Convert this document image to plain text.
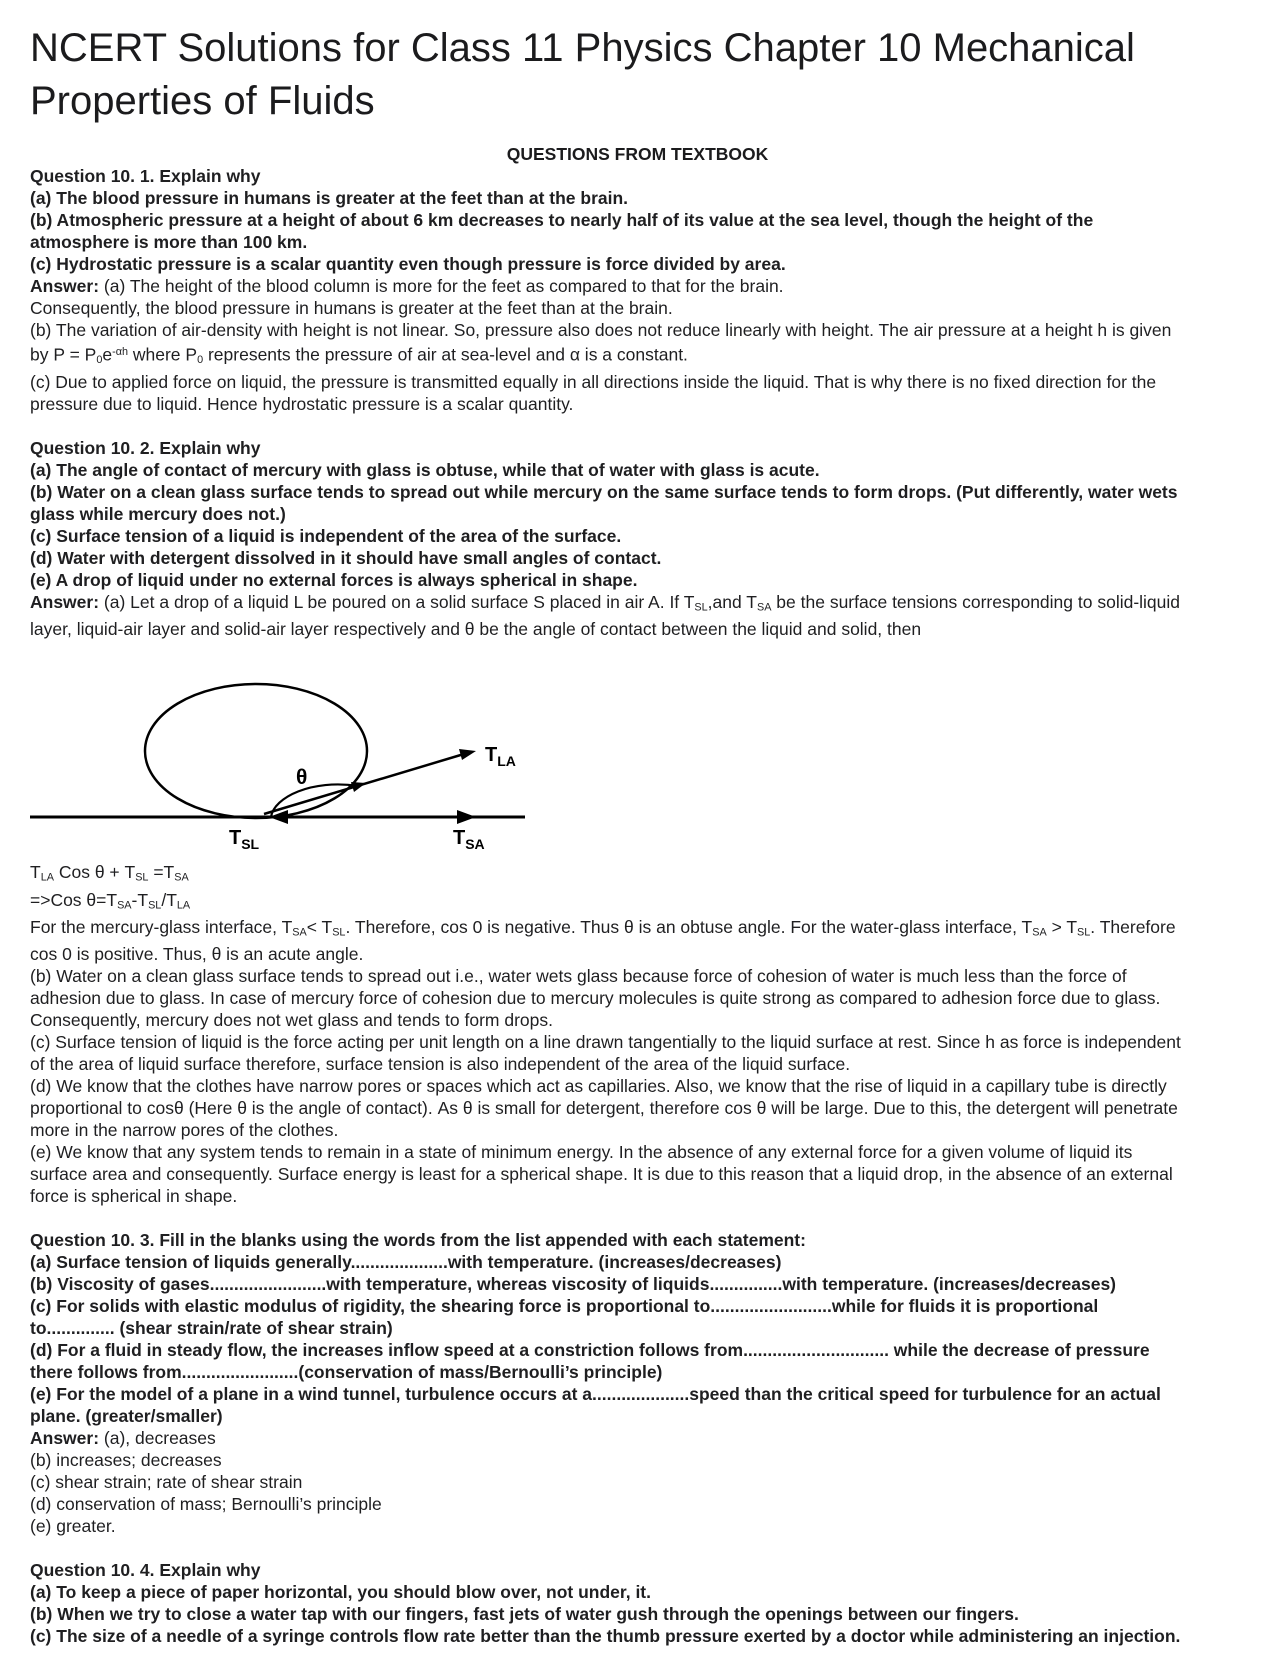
NCERT Solutions for Class 11 Physics Chapter 10 Mechanical
Properties of Fluids
QUESTIONS FROM TEXTBOOK
Question 10. 1. Explain why
(a) The blood pressure in humans is greater at the feet than at the brain.
(b) Atmospheric pressure at a height of about 6 km decreases to nearly half of its value at the sea level, though the height of the
atmosphere is more than 100 km.
(c) Hydrostatic pressure is a scalar quantity even though pressure is force divided by area.
Answer: (a) The height of the blood column is more for the feet as compared to that for the brain.
Consequently, the blood pressure in humans is greater at the feet than at the brain.
(b) The variation of air-density with height is not linear. So, pressure also does not reduce linearly with height. The air pressure at a height h is given
by $P = P0e^{-\alpha h}$ where P0 represents the pressure of air at sea-level and α is a constant.
(c) Due to applied force on liquid, the pressure is transmitted equally in all directions inside the liquid. That is why there is no fixed direction for the
pressure due to liquid. Hence hydrostatic pressure is a scalar quantity.
Question 10. 2. Explain why
(a) The angle of contact of mercury with glass is obtuse, while that of water with glass is acute.
(b) Water on a clean glass surface tends to spread out while mercury on the same surface tends to form drops. (Put differently, water wets
glass while mercury does not.)
(c) Surface tension of a liquid is independent of the area of the surface.
(d) Water with detergent dissolved in it should have small angles of contact.
(e) A drop of liquid under no external forces is always spherical in shape.
Answer: (a) Let a drop of a liquid L be poured on a solid surface S placed in air A. If TSL,and TSA be the surface tensions corresponding to solid-liquid
layer, liquid-air layer and solid-air layer respectively and θ be the angle of contact between the liquid and solid, then
θ
$T_{LA}$
$T_{SL}$	$T_{SA}$
TLA Cos θ + TSL =TSA
=>Cos θ=TSA-TSL/TLA
For the mercury-glass interface, TSA< TSL. Therefore, cos 0 is negative. Thus θ is an obtuse angle. For the water-glass interface, TSA > TSL. Therefore
cos 0 is positive. Thus, θ is an acute angle.
(b) Water on a clean glass surface tends to spread out i.e., water wets glass because force of cohesion of water is much less than the force of
adhesion due to glass. In case of mercury force of cohesion due to mercury molecules is quite strong as compared to adhesion force due to glass.
Consequently, mercury does not wet glass and tends to form drops.
(c) Surface tension of liquid is the force acting per unit length on a line drawn tangentially to the liquid surface at rest. Since h as force is independent
of the area of liquid surface therefore, surface tension is also independent of the area of the liquid surface.
(d) We know that the clothes have narrow pores or spaces which act as capillaries. Also, we know that the rise of liquid in a capillary tube is directly
proportional to cosθ (Here θ is the angle of contact). As θ is small for detergent, therefore cos θ will be large. Due to this, the detergent will penetrate
more in the narrow pores of the clothes.
(e) We know that any system tends to remain in a state of minimum energy. In the absence of any external force for a given volume of liquid its
surface area and consequently. Surface energy is least for a spherical shape. It is due to this reason that a liquid drop, in the absence of an external
force is spherical in shape.
Question 10. 3. Fill in the blanks using the words from the list appended with each statement:
(a) Surface tension of liquids generally....................with temperature. (increases/decreases)
(b) Viscosity of gases........................with temperature, whereas viscosity of liquids...............with temperature. (increases/decreases)
(c) For solids with elastic modulus of rigidity, the shearing force is proportional to.........................while for fluids it is proportional
to.............. (shear strain/rate of shear strain)
(d) For a fluid in steady flow, the increases inflow speed at a constriction follows from.............................. while the decrease of pressure
there follows from........................(conservation of mass/Bernoulli’s principle)
(e) For the model of a plane in a wind tunnel, turbulence occurs at a....................speed than the critical speed for turbulence for an actual
plane. (greater/smaller)
Answer: (a), decreases
(b) increases; decreases
(c) shear strain; rate of shear strain
(d) conservation of mass; Bernoulli’s principle
(e) greater.
Question 10. 4. Explain why
(a) To keep a piece of paper horizontal, you should blow over, not under, it.
(b) When we try to close a water tap with our fingers, fast jets of water gush through the openings between our fingers.
(c) The size of a needle of a syringe controls flow rate better than the thumb pressure exerted by a doctor while administering an injection.
